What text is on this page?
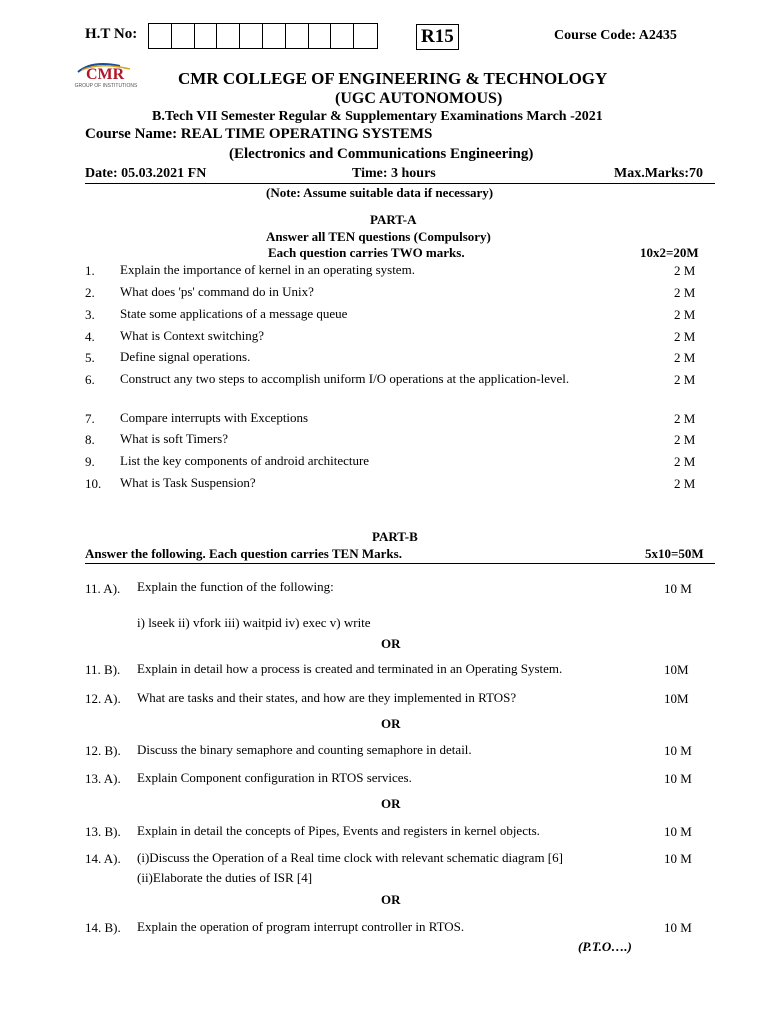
H.T No:	R15	Course Code: A2435
CMR
GROUP OF INSTITUTIONS CMR COLLEGE OF ENGINEERING & TECHNOLOGY
(UGC AUTONOMOUS)
B.Tech VII Semester Regular & Supplementary Examinations March -2021
Course Name: REAL TIME OPERATING SYSTEMS
(Electronics and Communications Engineering)
Date: 05.03.2021 FN	Time: 3 hours	Max.Marks:70
(Note: Assume suitable data if necessary)
PART-A
Answer all TEN questions (Compulsory)
Each question carries TWO marks.	10x2=20M
1. Explain the importance of kernel in an operating system.	2 M
2. What does 'ps' command do in Unix?	2 M
3. State some applications of a message queue	2 M
4. What is Context switching?	2 M
5. Define signal operations.	2 M
6. Construct any two steps to accomplish uniform I/O operations at the application-level.	2 M
7. Compare interrupts with Exceptions	2 M
8. What is soft Timers?	2 M
9. List the key components of android architecture	2 M
10. What is Task Suspension?	2 M
PART-B
Answer the following. Each question carries TEN Marks.	5x10=50M
11. A). Explain the function of the following:	10 M
i) lseek ii) vfork iii) waitpid iv) exec v) write
OR
11. B). Explain in detail how a process is created and terminated in an Operating System.	10M
12. A). What are tasks and their states, and how are they implemented in RTOS?	10M
OR
12. B). Discuss the binary semaphore and counting semaphore in detail.	10 M
13. A). Explain Component configuration in RTOS services.	10 M
OR
13. B). Explain in detail the concepts of Pipes, Events and registers in kernel objects.	10 M
14. A). (i)Discuss the Operation of a Real time clock with relevant schematic diagram [6]	10 M
(ii)Elaborate the duties of ISR [4]
OR
14. B). Explain the operation of program interrupt controller in RTOS.	10 M
(P.T.O….)
